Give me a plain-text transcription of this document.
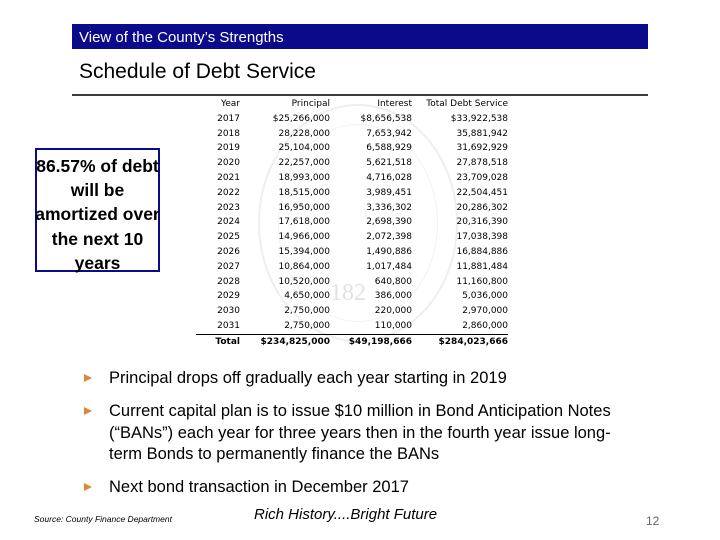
View of the County’s Strengths
Schedule of Debt Service
182
86.57% of debt will be amortized over the next 10 years
Year	Principal	Interest	Total Debt Service
2017	$25,266,000	$8,656,538	$33,922,538
2018	28,228,000	7,653,942	35,881,942
2019	25,104,000	6,588,929	31,692,929
2020	22,257,000	5,621,518	27,878,518
2021	18,993,000	4,716,028	23,709,028
2022	18,515,000	3,989,451	22,504,451
2023	16,950,000	3,336,302	20,286,302
2024	17,618,000	2,698,390	20,316,390
2025	14,966,000	2,072,398	17,038,398
2026	15,394,000	1,490,886	16,884,886
2027	10,864,000	1,017,484	11,881,484
2028	10,520,000	640,800	11,160,800
2029	4,650,000	386,000	5,036,000
2030	2,750,000	220,000	2,970,000
2031	2,750,000	110,000	2,860,000
Total	$234,825,000	$49,198,666	$284,023,666
Principal drops off gradually each year starting in 2019
Current capital plan is to issue $10 million in Bond Anticipation Notes (“BANs”) each year for three years then in the fourth year issue long-term Bonds to permanently finance the BANs
Next bond transaction in December 2017
Source: County Finance Department	Rich History....Bright Future	12
